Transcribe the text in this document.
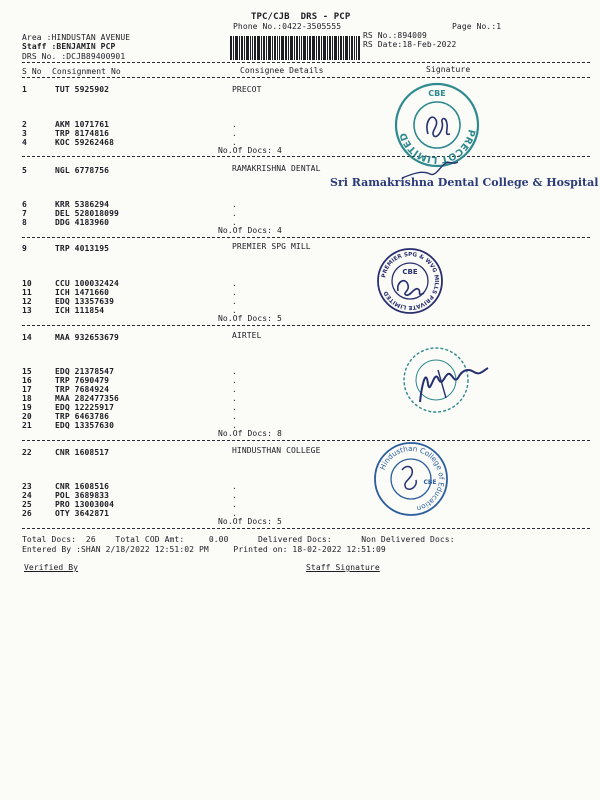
TPC/CJB  DRS - PCP
Phone No.:0422-3505555	Page No.:1
Area :HINDUSTAN AVENUE
Staff :BENJAMIN PCP
DRS No. :DCJB89400901
RS No.:894009
RS Date:18-Feb-2022
S No Consignment No	Consignee Details	Signature
1	TUT 5925902	PRECOT
2	AKM 1071761	.
3	TRP 8174816	.
4	KOC 59262468	.
No.Of Docs: 4
5	NGL 6778756	RAMAKRISHNA DENTAL
6	KRR 5386294	.
7	DEL 528018099	.
8	DDG 4183960	.
No.Of Docs: 4
9	TRP 4013195	PREMIER SPG MILL
10	CCU 100032424	.
11	ICH 1471660	.
12	EDQ 13357639	.
13	ICH 111854	.
No.Of Docs: 5
14	MAA 932653679	AIRTEL
15	EDQ 21378547	.
16	TRP 7690479	.
17	TRP 7684924	.
18	MAA 282477356	.
19	EDQ 12225917	.
20	TRP 6463786	.
21	EDQ 13357630	.
No.Of Docs: 8
22	CNR 1608517	HINDUSTHAN COLLEGE
23	CNR 1608516	.
24	POL 3689833	.
25	PRO 13003004	.
26	OTY 3642871	.
No.Of Docs: 5
Total Docs:  26    Total COD Amt:     0.00      Delivered Docs:      Non Delivered Docs:
Entered By :SHAN 2/18/2022 12:51:02 PM     Printed on: 18-02-2022 12:51:09
Verified By	Staff Signature
PRECOT LIMITED
CBE
Sri Ramakrishna Dental College & Hospital
PREMIER SPG & WVG MILLS PRIVATE LIMITED
CBE
Hindusthan College of Education
CBE
